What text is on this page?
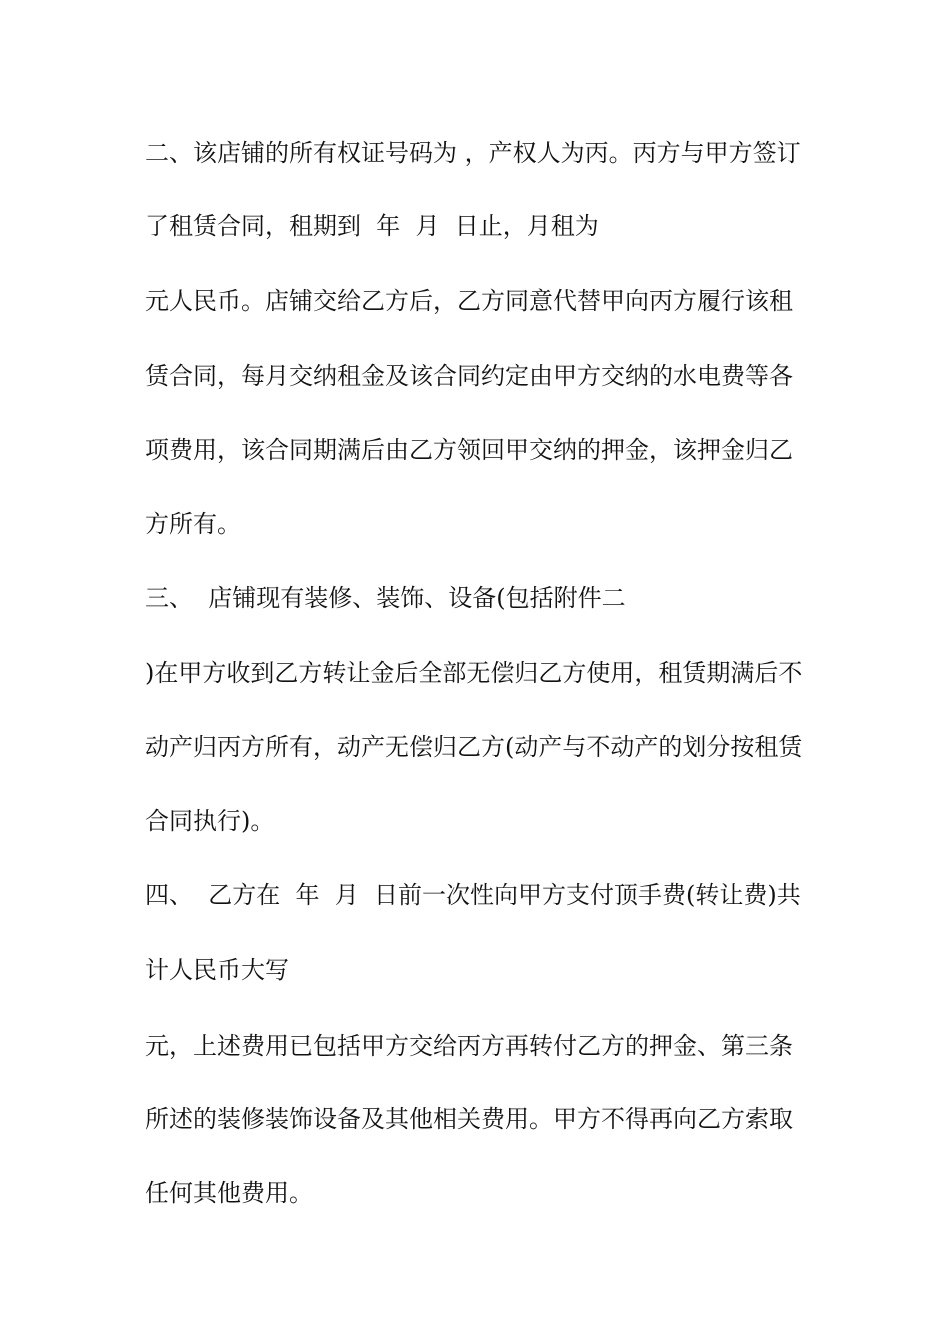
二、该店铺的所有权证号码为 ，产权人为丙。丙方与甲方签订
了租赁合同，租期到  年  月  日止，月租为
元人民币。店铺交给乙方后，乙方同意代替甲向丙方履行该租
赁合同，每月交纳租金及该合同约定由甲方交纳的水电费等各
项费用，该合同期满后由乙方领回甲交纳的押金，该押金归乙
方所有。
三、  店铺现有装修、装饰、设备(包括附件二
)在甲方收到乙方转让金后全部无偿归乙方使用，租赁期满后不
动产归丙方所有，动产无偿归乙方(动产与不动产的划分按租赁
合同执行)。
四、  乙方在  年  月  日前一次性向甲方支付顶手费(转让费)共
计人民币大写
元，上述费用已包括甲方交给丙方再转付乙方的押金、第三条
所述的装修装饰设备及其他相关费用。甲方不得再向乙方索取
任何其他费用。
